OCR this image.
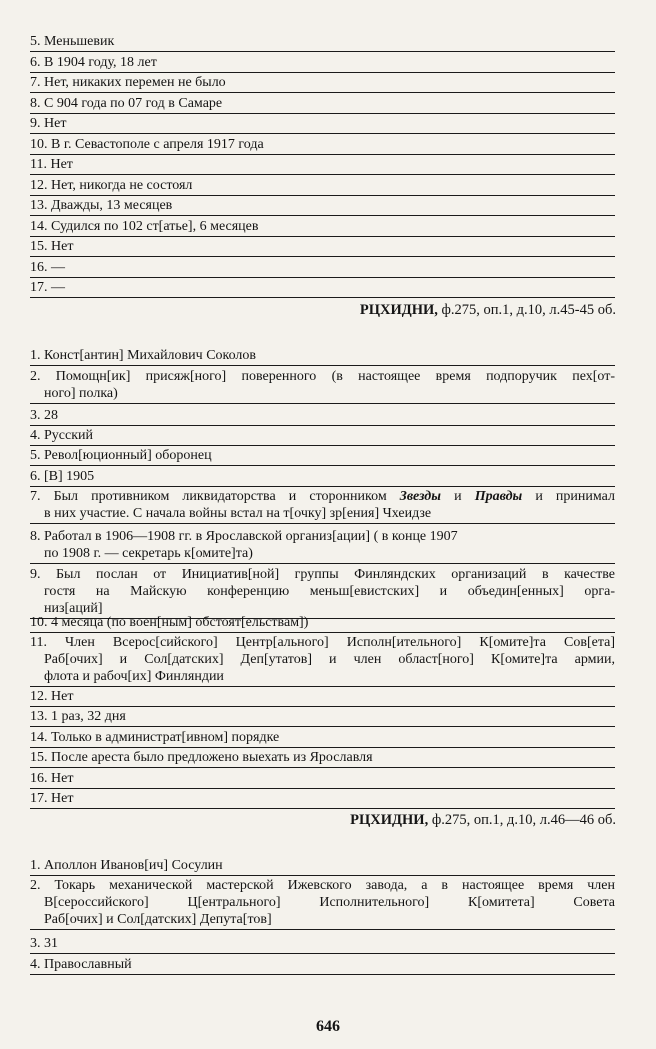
5. Меньшевик
6. В 1904 году, 18 лет
7. Нет, никаких перемен не было
8. С 904 года по 07 год в Самаре
9. Нет
10. В г. Севастополе с апреля 1917 года
11. Нет
12. Нет, никогда не состоял
13. Дважды, 13 месяцев
14. Судился по 102 ст[атье], 6 месяцев
15. Нет
16. —
17. —
РЦХИДНИ, ф.275, оп.1, д.10, л.45-45 об.
1. Конст[антин] Михайлович Соколов
2. Помощн[ик] присяж[ного] поверенного (в настоящее время подпоручик пех[от-
ного] полка)
3. 28
4. Русский
5. Револ[юционный] оборонец
6. [В] 1905
7. Был противником ликвидаторства и сторонником Звезды и Правды и принимал
в них участие. С начала войны встал на т[очку] зр[ения] Чхеидзе
8. Работал в 1906—1908 гг. в Ярославской организ[ации] ( в конце 1907
по 1908 г. — секретарь к[омите]та)
9. Был послан от Инициатив[ной] группы Финляндских организаций в качестве
гостя на Майскую конференцию меньш[евистских] и объедин[енных] орга-
низ[аций]
10. 4 месяца (по воен[ным] обстоят[ельствам])
11. Член Всерос[сийского] Центр[ального] Исполн[ительного] К[омите]та Сов[ета]
Раб[очих] и Сол[датских] Деп[утатов] и член област[ного] К[омите]та армии,
флота и рабоч[их] Финляндии
12. Нет
13. 1 раз, 32 дня
14. Только в администрат[ивном] порядке
15. После ареста было предложено выехать из Ярославля
16. Нет
17. Нет
РЦХИДНИ, ф.275, оп.1, д.10, л.46—46 об.
1. Аполлон Иванов[ич] Сосулин
2. Токарь механической мастерской Ижевского завода, а в настоящее время член
В[сероссийского] Ц[ентрального] Исполнительного] К[омитета] Совета
Раб[очих] и Сол[датских] Депута[тов]
3. 31
4. Православный
646
